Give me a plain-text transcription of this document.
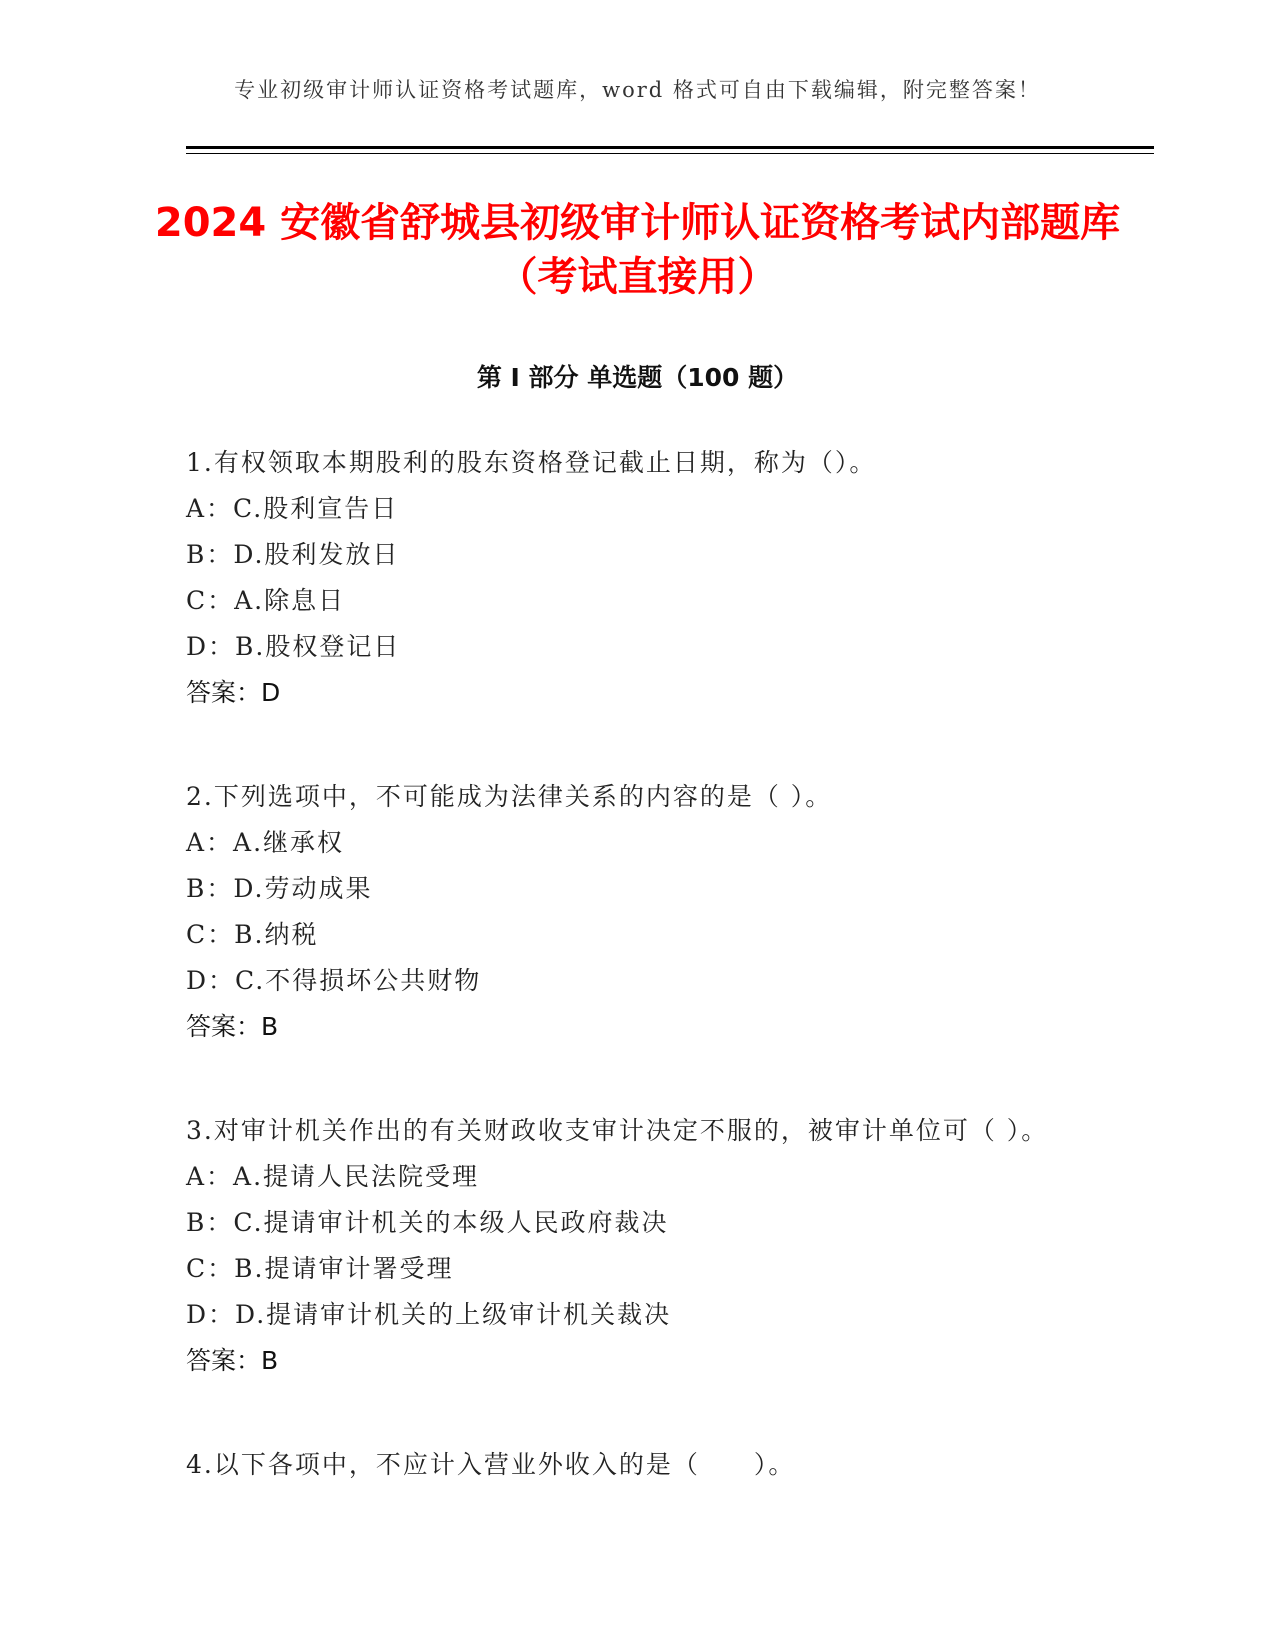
专业初级审计师认证资格考试题库，word 格式可自由下载编辑，附完整答案！
2024 安徽省舒城县初级审计师认证资格考试内部题库（考试直接用）
第 I 部分 单选题（100 题）
1.有权领取本期股利的股东资格登记截止日期，称为（）。
A：C.股利宣告日
B：D.股利发放日
C：A.除息日
D：B.股权登记日
答案：D
2.下列选项中，不可能成为法律关系的内容的是（ ）。
A：A.继承权
B：D.劳动成果
C：B.纳税
D：C.不得损坏公共财物
答案：B
3.对审计机关作出的有关财政收支审计决定不服的，被审计单位可（ ）。
A：A.提请人民法院受理
B：C.提请审计机关的本级人民政府裁决
C：B.提请审计署受理
D：D.提请审计机关的上级审计机关裁决
答案：B
4.以下各项中，不应计入营业外收入的是（　　）。
